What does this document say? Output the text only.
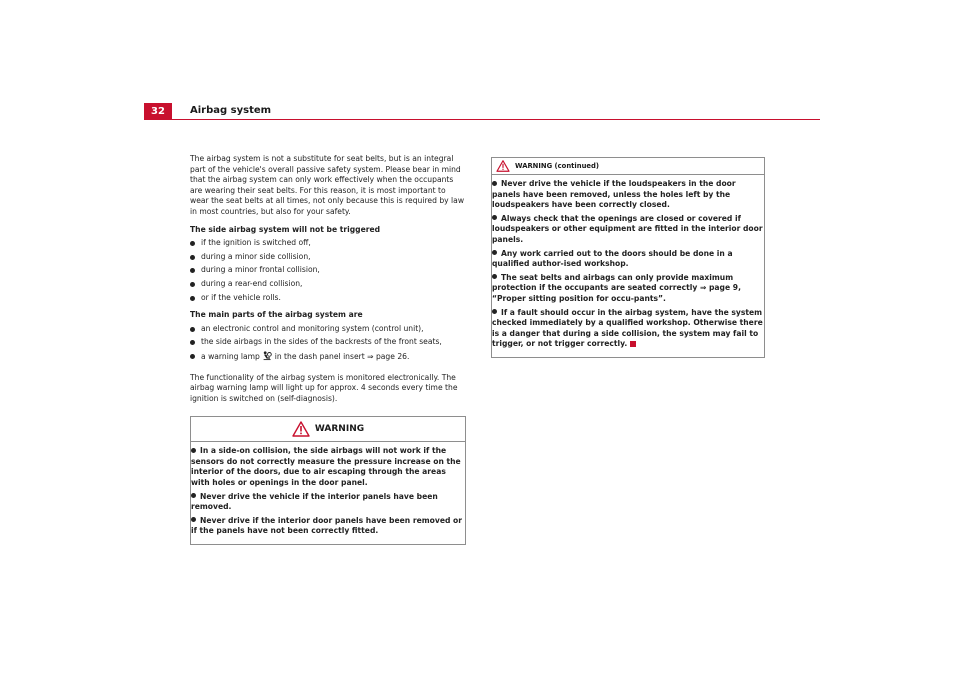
32	Airbag system

The airbag system is not a substitute for seat belts, but is an integral part of the vehicle's overall passive safety system. Please bear in mind that the airbag system can only work effectively when the occupants are wearing their seat belts. For this reason, it is most important to wear the seat belts at all times, not only because this is required by law in most countries, but also for your safety.

The side airbag system will not be triggered

if the ignition is switched off,
during a minor side collision,
during a minor frontal collision,
during a rear-end collision,
or if the vehicle rolls.

The main parts of the airbag system are

an electronic control and monitoring system (control unit),
the side airbags in the sides of the backrests of the front seats,
a warning lamp in the dash panel insert ⇒ page 26.

The functionality of the airbag system is monitored electronically. The airbag warning lamp will light up for approx. 4 seconds every time the ignition is switched on (self-diagnosis).

WARNING
In a side-on collision, the side airbags will not work if the sensors do not correctly measure the pressure increase on the interior of the doors, due to air escaping through the areas with holes or openings in the door panel.
Never drive the vehicle if the interior panels have been removed.
Never drive if the interior door panels have been removed or if the panels have not been correctly fitted.
WARNING (continued)
Never drive the vehicle if the loudspeakers in the door panels have been removed, unless the holes left by the loudspeakers have been correctly closed.
Always check that the openings are closed or covered if loudspeakers or other equipment are fitted in the interior door panels.
Any work carried out to the doors should be done in a qualified author-ised workshop.
The seat belts and airbags can only provide maximum protection if the occupants are seated correctly ⇒ page 9, “Proper sitting position for occu-pants”.
If a fault should occur in the airbag system, have the system checked immediately by a qualified workshop. Otherwise there is a danger that during a side collision, the system may fail to trigger, or not trigger correctly.
